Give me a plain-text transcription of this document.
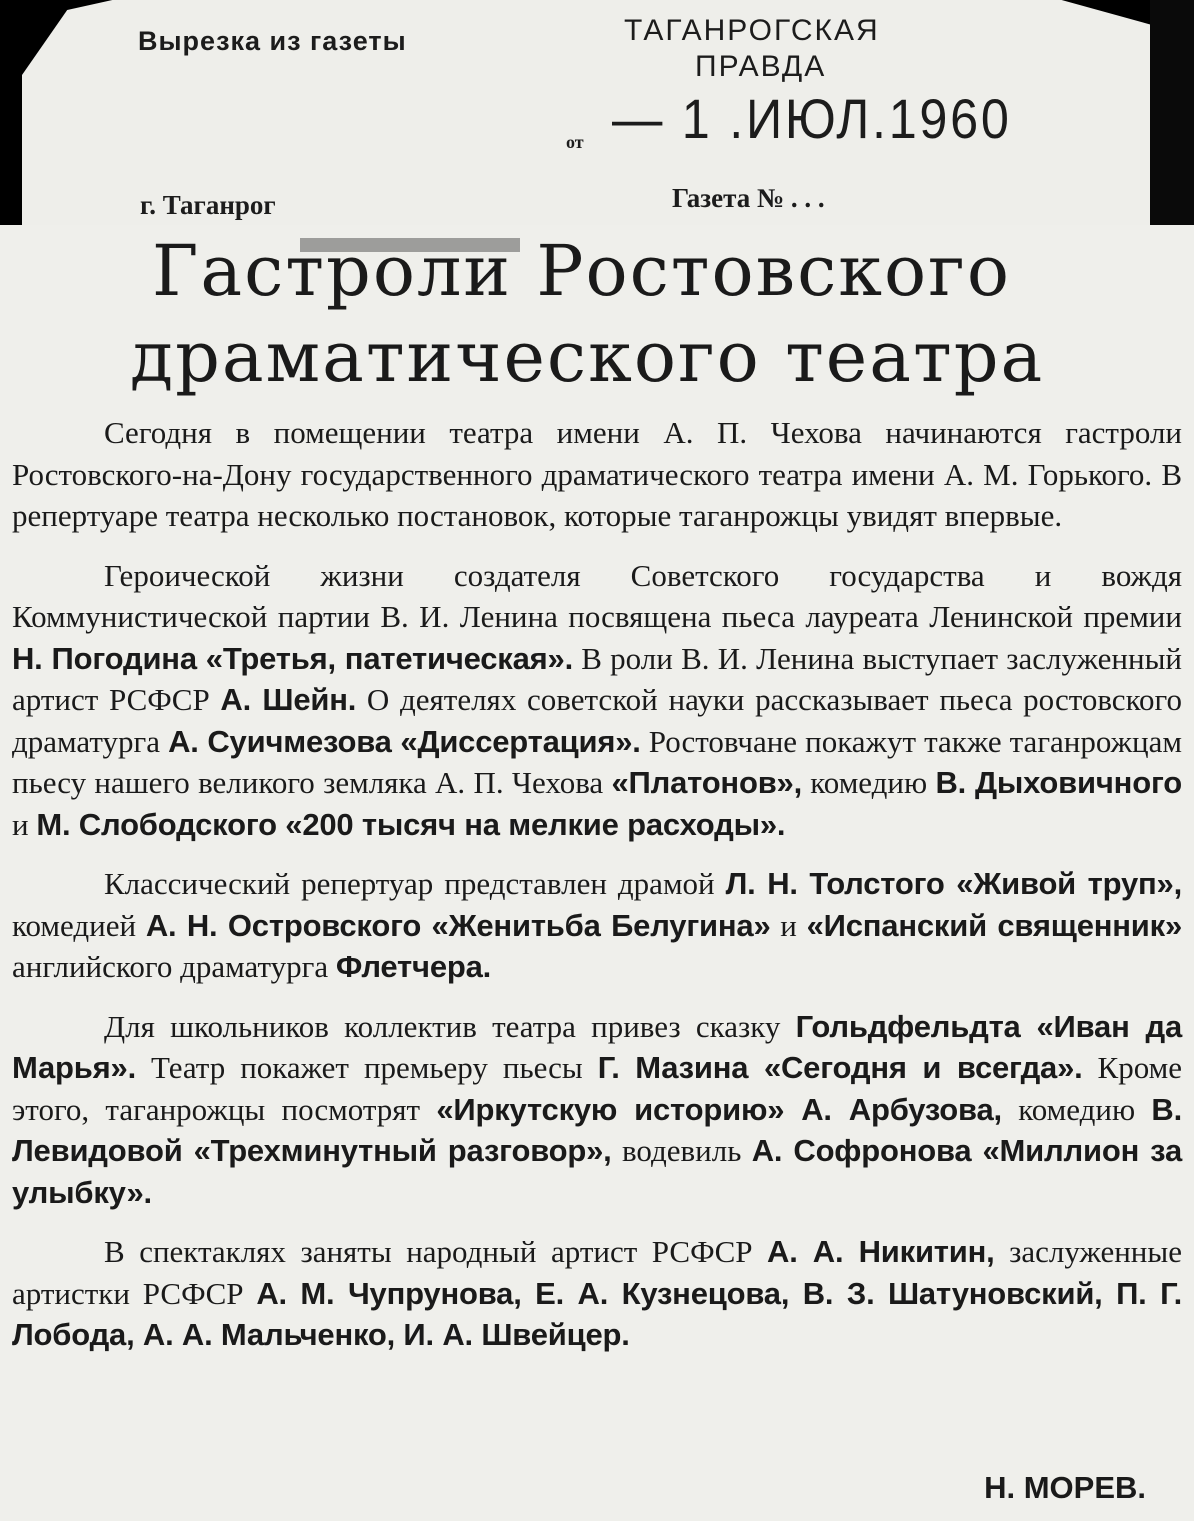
Вырезка из газеты	ТАГАНРОГСКАЯ
ПРАВДА
от — 1 .ИЮЛ.1960
г. Таганрог	Газета № . . .
Гастроли Ростовского
драматического театра

Сегодня в помещении театра имени А. П. Чехова начинаются гастроли Ростовского-на-Дону государственного драматического театра имени А. М. Горького. В репертуаре театра несколько постановок, которые таганрожцы увидят впервые.

Героической жизни создателя Советского государства и вождя Коммунистической партии В. И. Ленина посвящена пьеса лауреата Ленинской премии Н. Погодина «Третья, патетическая». В роли В. И. Ленина выступает заслуженный артист РСФСР А. Шейн. О деятелях советской науки рассказывает пьеса ростовского драматурга А. Суичмезова «Диссертация». Ростовчане покажут также таганрожцам пьесу нашего великого земляка А. П. Чехова «Платонов», комедию В. Дыховичного и М. Слободского «200 тысяч на мелкие расходы».

Классический репертуар представлен драмой Л. Н. Толстого «Живой труп», комедией А. Н. Островского «Женитьба Белугина» и «Испанский священник» английского драматурга Флетчера.

Для школьников коллектив театра привез сказку Гольдфельдта «Иван да Марья». Театр покажет премьеру пьесы Г. Мазина «Сегодня и всегда». Кроме этого, таганрожцы посмотрят «Иркутскую историю» А. Арбузова, комедию В. Левидовой «Трехминутный разговор», водевиль А. Софронова «Миллион за улыбку».

В спектаклях заняты народный артист РСФСР А. А. Никитин, заслуженные артистки РСФСР А. М. Чупрунова, Е. А. Кузнецова, В. З. Шатуновский, П. Г. Лобода, А. А. Мальченко, И. А. Швейцер.

Н. МОРЕВ.
